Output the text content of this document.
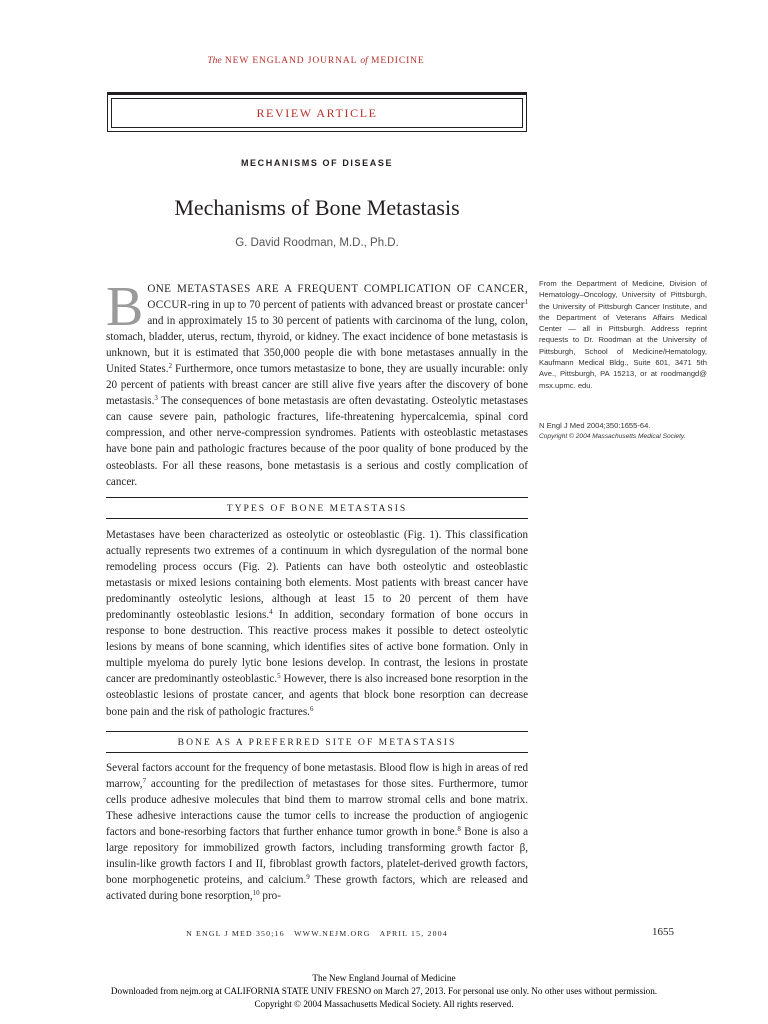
The NEW ENGLAND JOURNAL of MEDICINE
REVIEW ARTICLE
MECHANISMS OF DISEASE
Mechanisms of Bone Metastasis
G. David Roodman, M.D., Ph.D.

BONE METASTASES ARE A FREQUENT COMPLICATION OF CANCER, OCCUR-ring in up to 70 percent of patients with advanced breast or prostate cancer$^1$ and in approximately 15 to 30 percent of patients with carcinoma of the lung, colon, stomach, bladder, uterus, rectum, thyroid, or kidney. The exact incidence of bone metastasis is unknown, but it is estimated that 350,000 people die with bone metastases annually in the United States.$^2$ Furthermore, once tumors metastasize to bone, they are usually incurable: only 20 percent of patients with breast cancer are still alive five years after the discovery of bone metastasis.$^3$ The consequences of bone metastasis are often devastating. Osteolytic metastases can cause severe pain, pathologic fractures, life-threatening hypercalcemia, spinal cord compression, and other nerve-compression syndromes. Patients with osteoblastic metastases have bone pain and pathologic fractures because of the poor quality of bone produced by the osteoblasts. For all these reasons, bone metastasis is a serious and costly complication of cancer.

TYPES OF BONE METASTASIS

Metastases have been characterized as osteolytic or osteoblastic (Fig. 1). This classification actually represents two extremes of a continuum in which dysregulation of the normal bone remodeling process occurs (Fig. 2). Patients can have both osteolytic and osteoblastic metastasis or mixed lesions containing both elements. Most patients with breast cancer have predominantly osteolytic lesions, although at least 15 to 20 percent of them have predominantly osteoblastic lesions.$^4$ In addition, secondary formation of bone occurs in response to bone destruction. This reactive process makes it possible to detect osteolytic lesions by means of bone scanning, which identifies sites of active bone formation. Only in multiple myeloma do purely lytic bone lesions develop. In contrast, the lesions in prostate cancer are predominantly osteoblastic.$^5$ However, there is also increased bone resorption in the osteoblastic lesions of prostate cancer, and agents that block bone resorption can decrease bone pain and the risk of pathologic fractures.$^6$

BONE AS A PREFERRED SITE OF METASTASIS

Several factors account for the frequency of bone metastasis. Blood flow is high in areas of red marrow,$^7$ accounting for the predilection of metastases for those sites. Furthermore, tumor cells produce adhesive molecules that bind them to marrow stromal cells and bone matrix. These adhesive interactions cause the tumor cells to increase the production of angiogenic factors and bone-resorbing factors that further enhance tumor growth in bone.$^8$ Bone is also a large repository for immobilized growth factors, including transforming growth factor β, insulin-like growth factors I and II, fibroblast growth factors, platelet-derived growth factors, bone morphogenetic proteins, and calcium.$^9$ These growth factors, which are released and activated during bone resorption,$^{10}$ pro-

From the Department of Medicine, Division of Hematology–Oncology, University of Pittsburgh, the University of Pittsburgh Cancer Institute, and the Department of Veterans Affairs Medical Center — all in Pittsburgh. Address reprint requests to Dr. Roodman at the University of Pittsburgh, School of Medicine/Hematology, Kaufmann Medical Bldg., Suite 601, 3471 5th Ave., Pittsburgh, PA 15213, or at roodmangd@ msx.upmc. edu.
N Engl J Med 2004;350:1655-64.
Copyright © 2004 Massachusetts Medical Society.
N ENGL J MED 350;16   WWW.NEJM.ORG   APRIL 15, 2004	1655
The New England Journal of Medicine
Downloaded from nejm.org at CALIFORNIA STATE UNIV FRESNO on March 27, 2013. For personal use only. No other uses without permission.
Copyright © 2004 Massachusetts Medical Society. All rights reserved.
